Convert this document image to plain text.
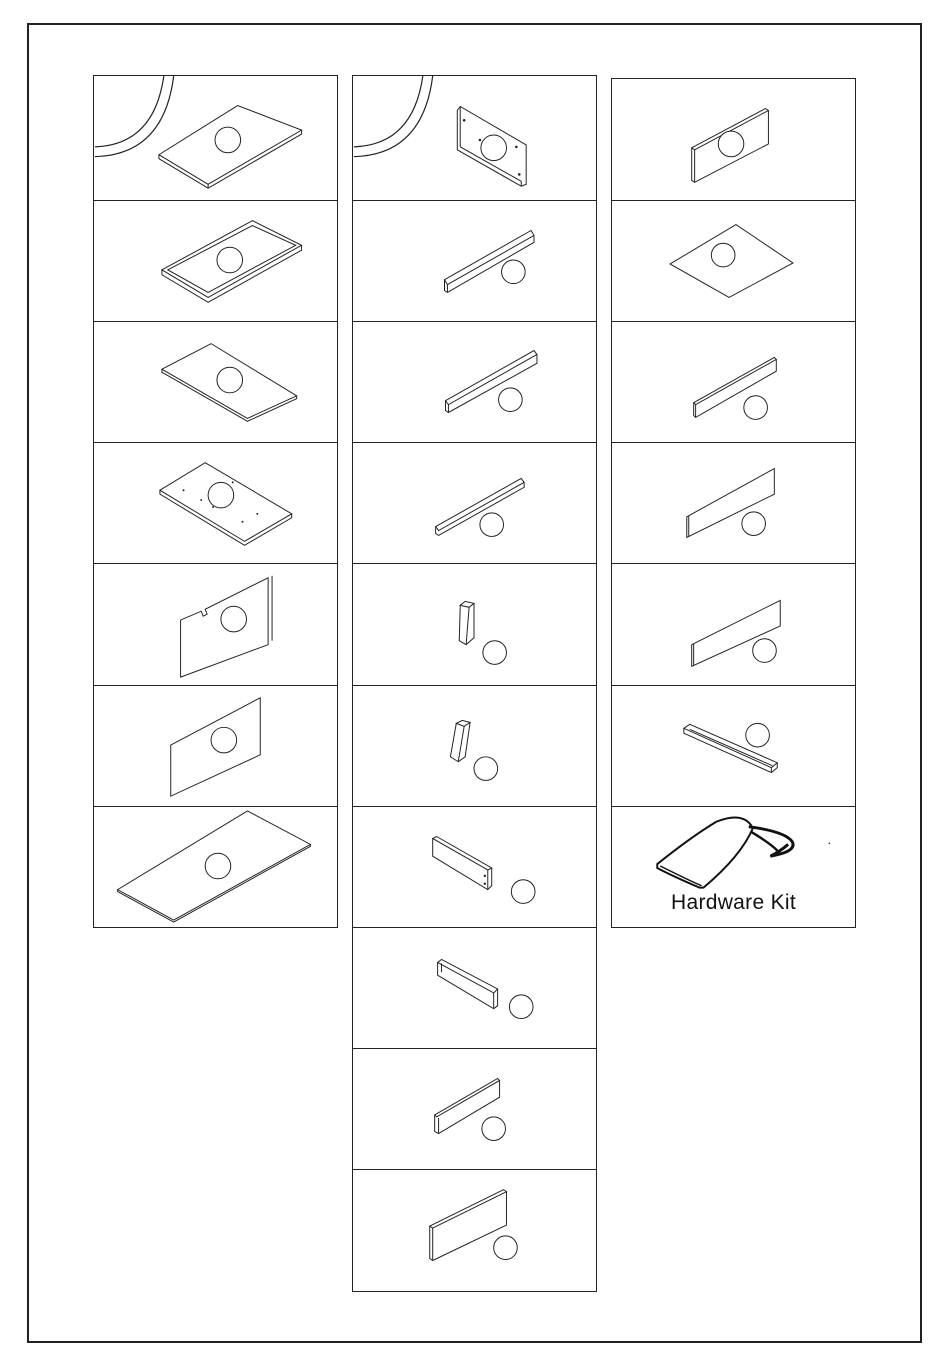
Hardware Kit
